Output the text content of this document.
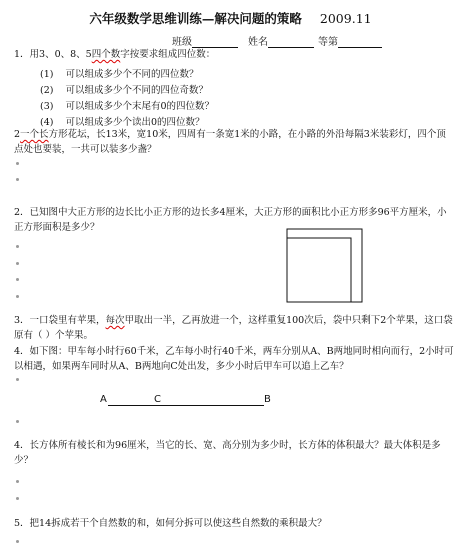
六年级数学思维训练—解决问题的策略 2009.11
班级	姓名	等第
1．用3、0、8、5四个数字按要求组成四位数：
(1) 可以组成多少个不同的四位数？
(2) 可以组成多少个不同的四位奇数？
(3) 可以组成多少个末尾有0的四位数？
(4) 可以组成多少个读出0的四位数？
2一个长方形花坛，长13米，宽10米，四周有一条宽1米的小路，在小路的外沿每隔3米装彩灯，四个顶点处也要装，一共可以装多少盏？
2．已知图中大正方形的边长比小正方形的边长多4厘米，大正方形的面积比小正方形多96平方厘米，小正方形面积是多少？
3．一口袋里有苹果，每次甲取出一半，乙再放进一个，这样重复100次后，袋中只剩下2个苹果，这口袋原有（ ）个苹果。
4．如下图：甲车每小时行60千米，乙车每小时行40千米，两车分别从A、B两地同时相向而行，2小时可以相遇，如果两车同时从A、B两地向C处出发，多少小时后甲车可以追上乙车？
A	C	B
4．长方体所有棱长和为96厘米，当它的长、宽、高分别为多少时，长方体的体积最大？最大体积是多少？
5．把14拆成若干个自然数的和，如何分拆可以使这些自然数的乘积最大？
